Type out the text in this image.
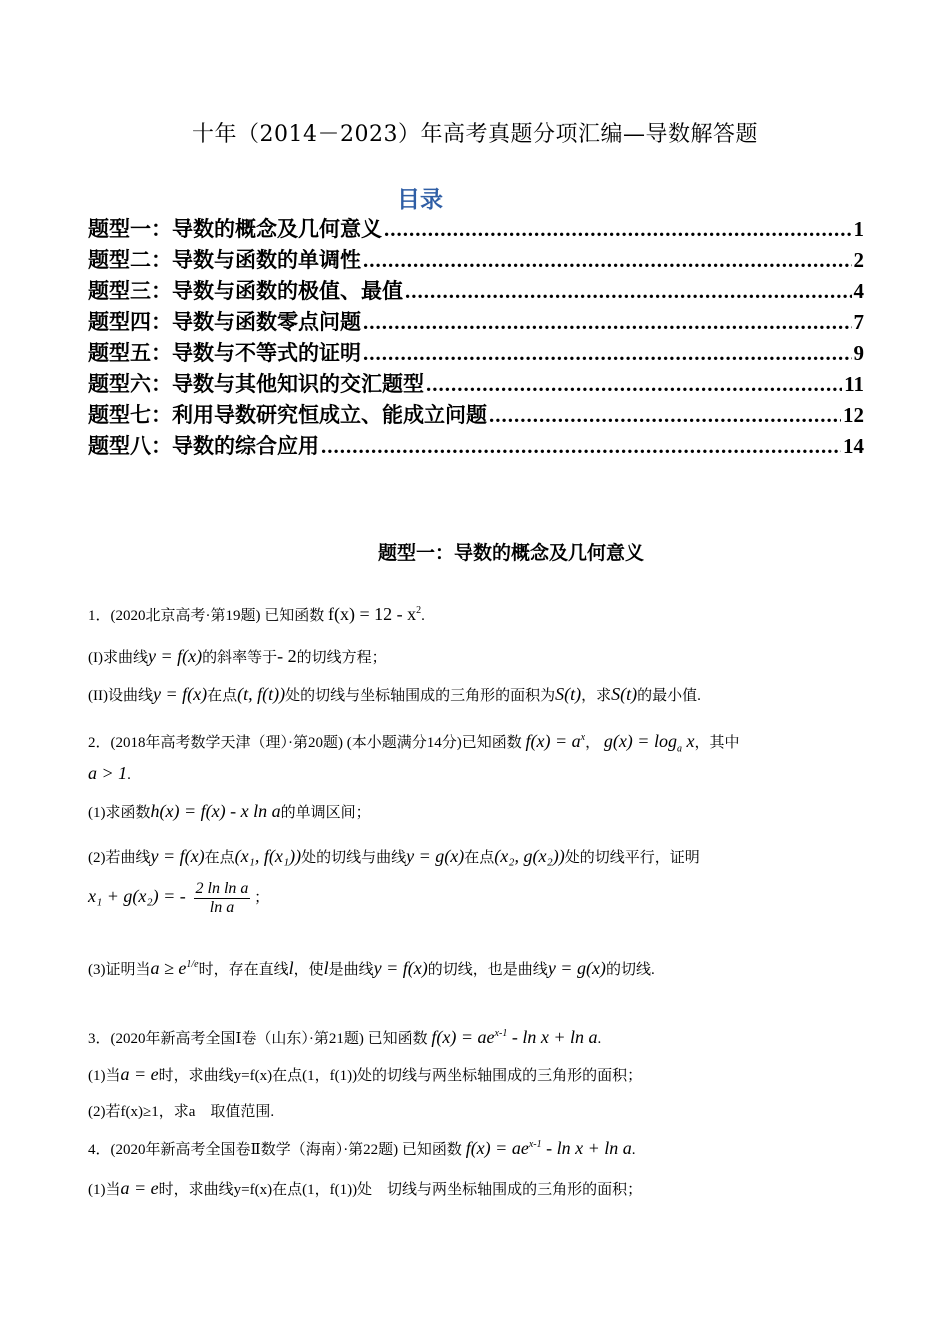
十年（2014－2023）年高考真题分项汇编—导数解答题
目录
题型一：导数的概念及几何意义 .....	1
题型二：导数与函数的单调性 .....	2
题型三：导数与函数的极值、最值 .....	4
题型四：导数与函数零点问题 .....	7
题型五：导数与不等式的证明 .....	9
题型六：导数与其他知识的交汇题型 .....	11
题型七：利用导数研究恒成立、能成立问题 .....	12
题型八：导数的综合应用 .....	14
题型一：导数的概念及几何意义
1．(2020北京高考·第19题) 已知函数 $f(x) = 12 - x^2$.
(I)求曲线y = f(x)的斜率等于- 2的切线方程；
(II)设曲线y = f(x)在点(t, f(t))处的切线与坐标轴围成的三角形的面积为S(t)，求S(t)的最小值.
2．(2018年高考数学天津（理）·第20题) (本小题满分14分)已知函数 $f(x) = a^x$， $g(x) = \log_a x$，其中
a > 1.
(1)求函数h(x) = f(x) - x ln a的单调区间；
(2)若曲线y = f(x)在点(x₁, f(x₁))处的切线与曲线y = g(x)在点(x₂, g(x₂))处的切线平行，证明
x₁ + g(x₂) = - $\frac{\text{2 ln ln a}}{\text{ln a}}$ ；
(3)证明当$a \ge e^{1/e}$时，存在直线l，使l是曲线y = f(x)的切线，也是曲线y = g(x)的切线.
3．(2020年新高考全国Ⅰ卷（山东）·第21题) 已知函数 $f(x) = ae^{x-1} - \ln x + \ln a$.
(1)当a = e时，求曲线y=f(x)在点(1，f(1))处的切线与两坐标轴围成的三角形的面积；
(2)若f(x)≥1，求a　取值范围.
4．(2020年新高考全国卷Ⅱ数学（海南）·第22题) 已知函数 $f(x) = ae^{x-1} - \ln x + \ln a$.
(1)当a = e时，求曲线y=f(x)在点(1，f(1))处　切线与两坐标轴围成的三角形的面积；
